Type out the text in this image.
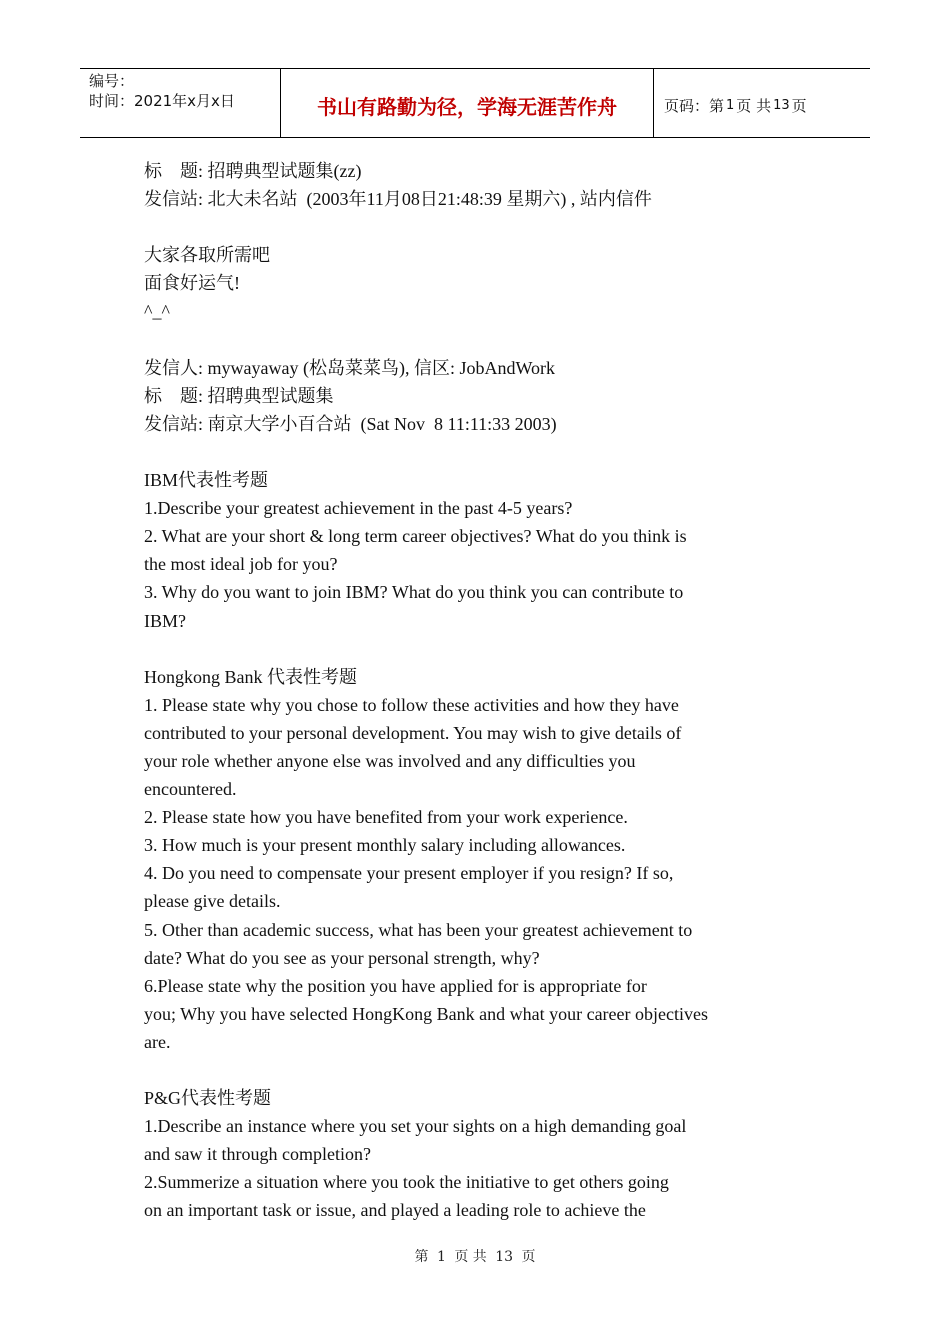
编号：
时间：2021年x月x日	书山有路勤为径，学海无涯苦作舟	页码：第 1 页 共 13 页
标    题: 招聘典型试题集(zz)
发信站: 北大未名站  (2003年11月08日21:48:39 星期六) , 站内信件
大家各取所需吧
面食好运气!
^_^
发信人: mywayaway (松岛菜菜鸟), 信区: JobAndWork
标    题: 招聘典型试题集
发信站: 南京大学小百合站  (Sat Nov  8 11:11:33 2003)
IBM代表性考题
1.Describe your greatest achievement in the past 4-5 years?
2. What are your short & long term career objectives? What do you think is
the most ideal job for you?
3. Why do you want to join IBM? What do you think you can contribute to
IBM?
Hongkong Bank 代表性考题
1. Please state why you chose to follow these activities and how they have
contributed to your personal development. You may wish to give details of
your role whether anyone else was involved and any difficulties you
encountered.
2. Please state how you have benefited from your work experience.
3. How much is your present monthly salary including allowances.
4. Do you need to compensate your present employer if you resign? If so,
please give details.
5. Other than academic success, what has been your greatest achievement to
date? What do you see as your personal strength, why?
6.Please state why the position you have applied for is appropriate for
you; Why you have selected HongKong Bank and what your career objectives
are.
P&G代表性考题
1.Describe an instance where you set your sights on a high demanding goal
and saw it through completion?
2.Summerize a situation where you took the initiative to get others going
on an important task or issue, and played a leading role to achieve the
第 1 页 共 13 页
